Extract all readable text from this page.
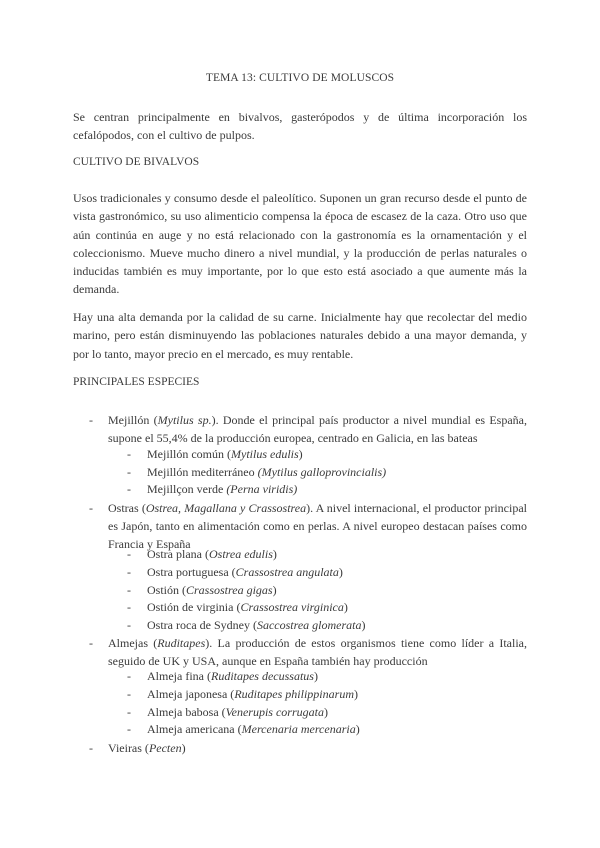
TEMA 13: CULTIVO DE MOLUSCOS

Se centran principalmente en bivalvos, gasterópodos y de última incorporación los cefalópodos, con el cultivo de pulpos.

CULTIVO DE BIVALVOS

Usos tradicionales y consumo desde el paleolítico. Suponen un gran recurso desde el punto de vista gastronómico, su uso alimenticio compensa la época de escasez de la caza. Otro uso que aún continúa en auge y no está relacionado con la gastronomía es la ornamentación y el coleccionismo. Mueve mucho dinero a nivel mundial, y la producción de perlas naturales o inducidas también es muy importante, por lo que esto está asociado a que aumente más la demanda.

Hay una alta demanda por la calidad de su carne. Inicialmente hay que recolectar del medio marino, pero están disminuyendo las poblaciones naturales debido a una mayor demanda, y por lo tanto, mayor precio en el mercado, es muy rentable.

PRINCIPALES ESPECIES
- Mejillón (Mytilus sp.). Donde el principal país productor a nivel mundial es España, supone el 55,4% de la producción europea, centrado en Galicia, en las bateas

- Mejillón común (Mytilus edulis)

- Mejillón mediterráneo (Mytilus galloprovincialis)

- Mejillçon verde (Perna viridis)

- Ostras (Ostrea, Magallana y Crassostrea). A nivel internacional, el productor principal es Japón, tanto en alimentación como en perlas. A nivel europeo destacan países como Francia y España

- Ostra plana (Ostrea edulis)

- Ostra portuguesa (Crassostrea angulata)

- Ostión (Crassostrea gigas)

- Ostión de virginia (Crassostrea virginica)

- Ostra roca de Sydney (Saccostrea glomerata)

- Almejas (Ruditapes). La producción de estos organismos tiene como líder a Italia, seguido de UK y USA, aunque en España también hay producción

- Almeja fina (Ruditapes decussatus)

- Almeja japonesa (Ruditapes philippinarum)

- Almeja babosa (Venerupis corrugata)

- Almeja americana (Mercenaria mercenaria)

- Vieiras (Pecten)
